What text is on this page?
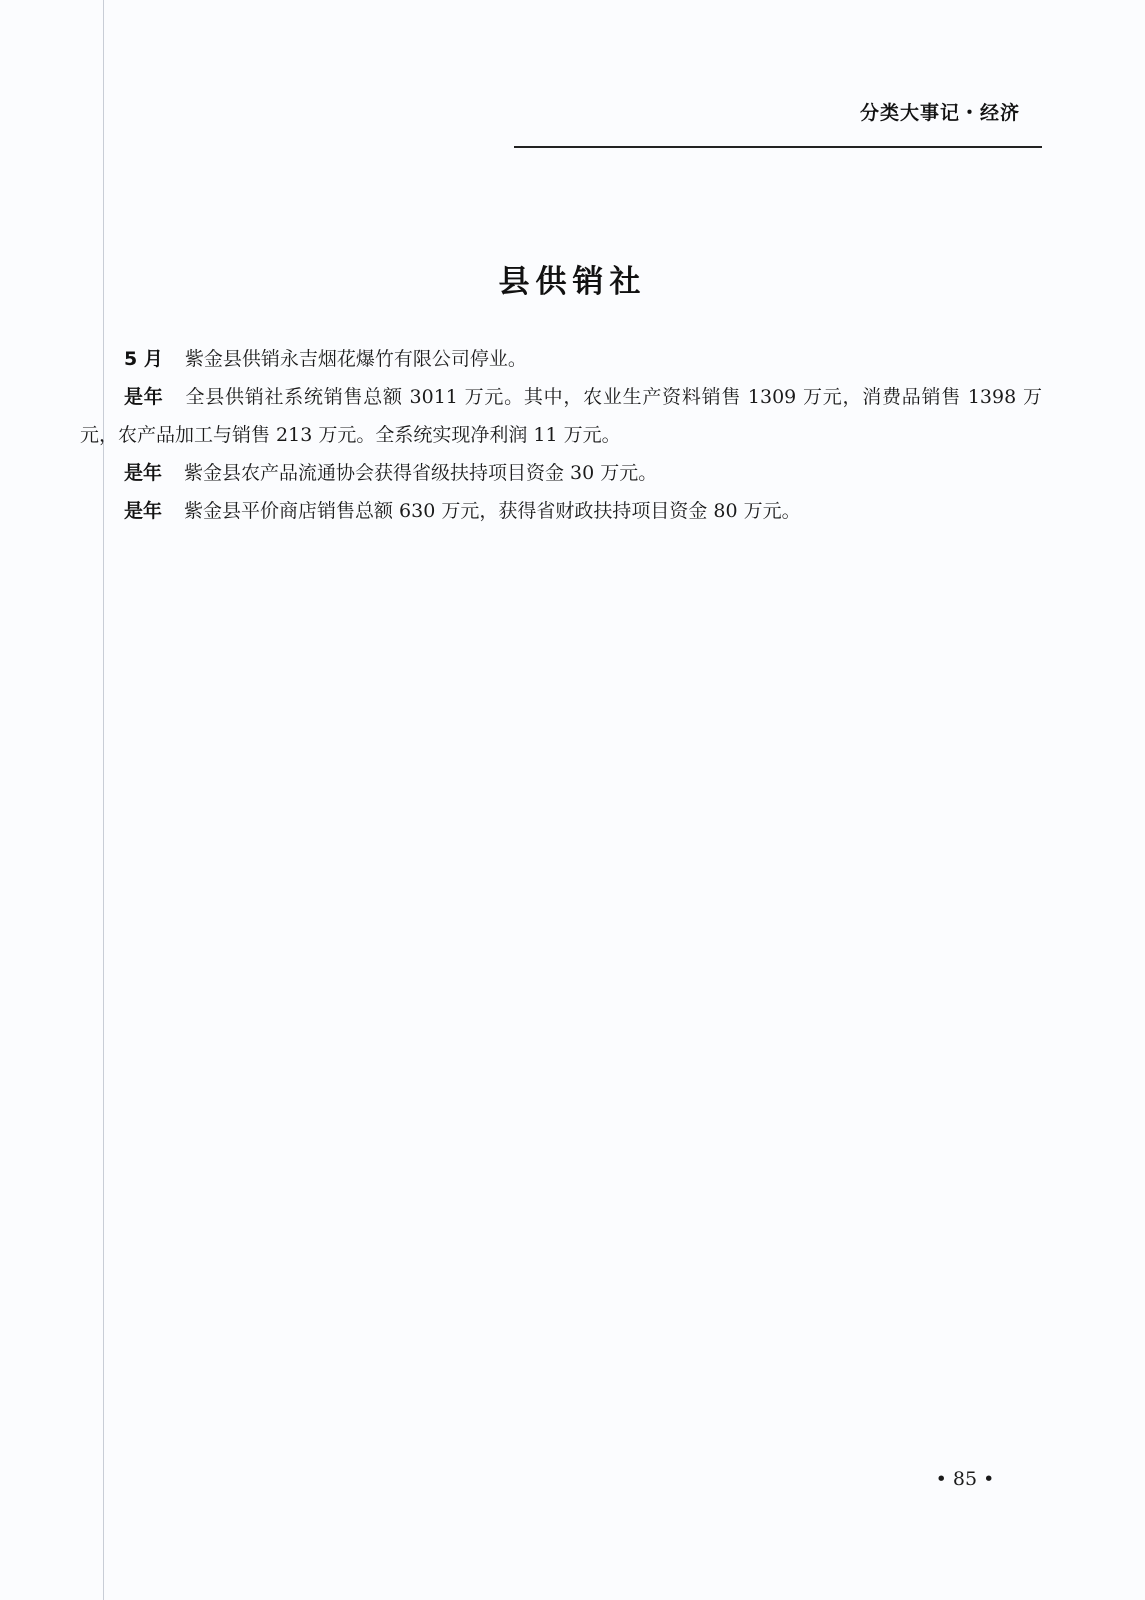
分类大事记・经济
县供销社

5 月 紫金县供销永吉烟花爆竹有限公司停业。

是年 全县供销社系统销售总额 3011 万元。其中，农业生产资料销售 1309 万元，消费品销售 1398 万元，农产品加工与销售 213 万元。全系统实现净利润 11 万元。

是年 紫金县农产品流通协会获得省级扶持项目资金 30 万元。

是年 紫金县平价商店销售总额 630 万元，获得省财政扶持项目资金 80 万元。

• 85 •
